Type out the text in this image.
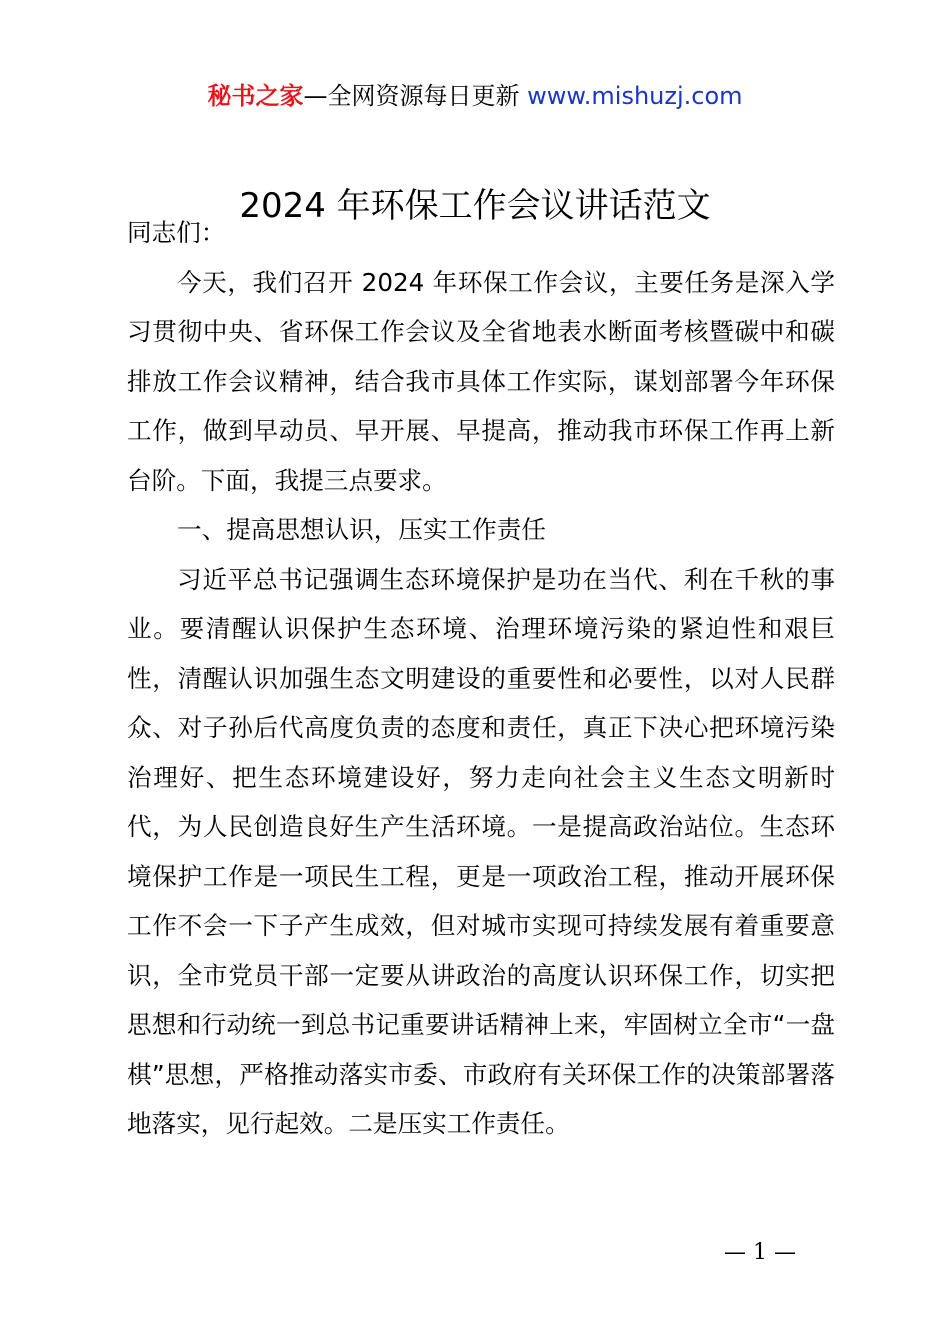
秘书之家—全网资源每日更新 www.mishuzj.com
2024 年环保工作会议讲话范文

同志们：

今天，我们召开 2024 年环保工作会议，主要任务是深入学习贯彻中央、省环保工作会议及全省地表水断面考核暨碳中和碳排放工作会议精神，结合我市具体工作实际，谋划部署今年环保工作，做到早动员、早开展、早提高，推动我市环保工作再上新台阶。下面，我提三点要求。

一、提高思想认识，压实工作责任

习近平总书记强调生态环境保护是功在当代、利在千秋的事业。要清醒认识保护生态环境、治理环境污染的紧迫性和艰巨性，清醒认识加强生态文明建设的重要性和必要性，以对人民群众、对子孙后代高度负责的态度和责任，真正下决心把环境污染治理好、把生态环境建设好，努力走向社会主义生态文明新时代，为人民创造良好生产生活环境。一是提高政治站位。生态环境保护工作是一项民生工程，更是一项政治工程，推动开展环保工作不会一下子产生成效，但对城市实现可持续发展有着重要意识，全市党员干部一定要从讲政治的高度认识环保工作，切实把思想和行动统一到总书记重要讲话精神上来，牢固树立全市“一盘棋”思想，严格推动落实市委、市政府有关环保工作的决策部署落地落实，见行起效。二是压实工作责任。

— 1 —
